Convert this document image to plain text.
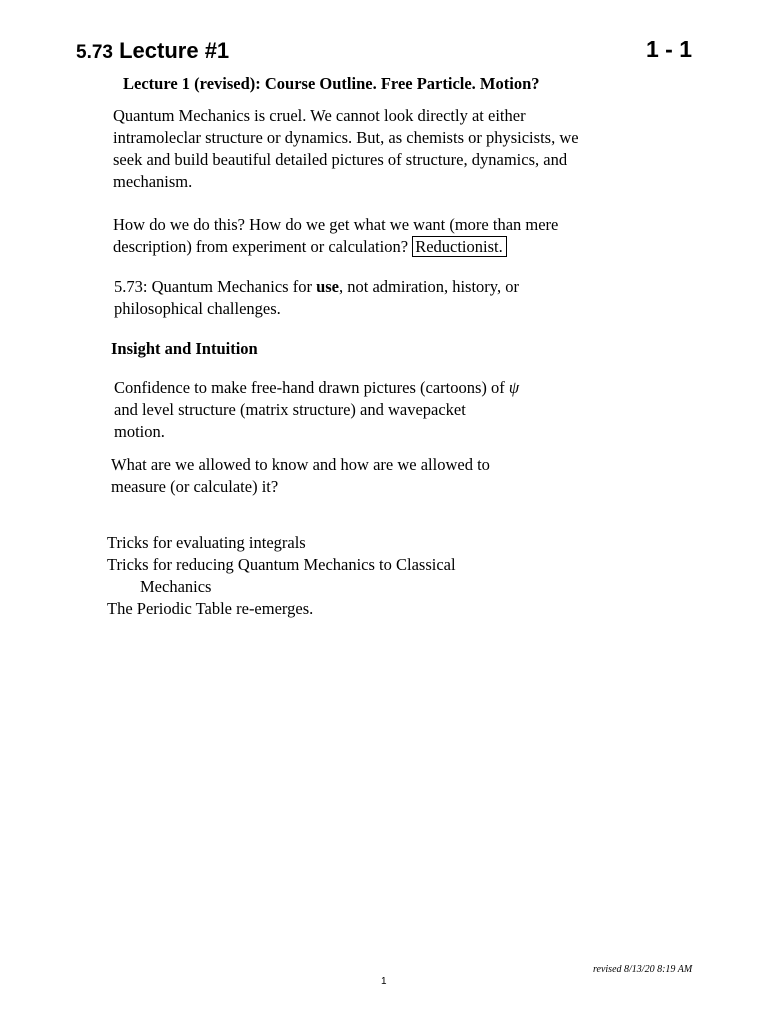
5.73 Lecture #1	1 - 1
Lecture 1 (revised): Course Outline. Free Particle. Motion?
Quantum Mechanics is cruel. We cannot look directly at either
intramoleclar structure or dynamics. But, as chemists or physicists, we
seek and build beautiful detailed pictures of structure, dynamics, and
mechanism.
How do we do this? How do we get what we want (more than mere
description) from experiment or calculation? Reductionist.
5.73: Quantum Mechanics for use, not admiration, history, or
philosophical challenges.
Insight and Intuition
Confidence to make free-hand drawn pictures (cartoons) of ψ
and level structure (matrix structure) and wavepacket
motion.
What are we allowed to know and how are we allowed to
measure (or calculate) it?
Tricks for evaluating integrals
Tricks for reducing Quantum Mechanics to Classical
Mechanics
The Periodic Table re-emerges.
revised 8/13/20 8:19 AM
1
